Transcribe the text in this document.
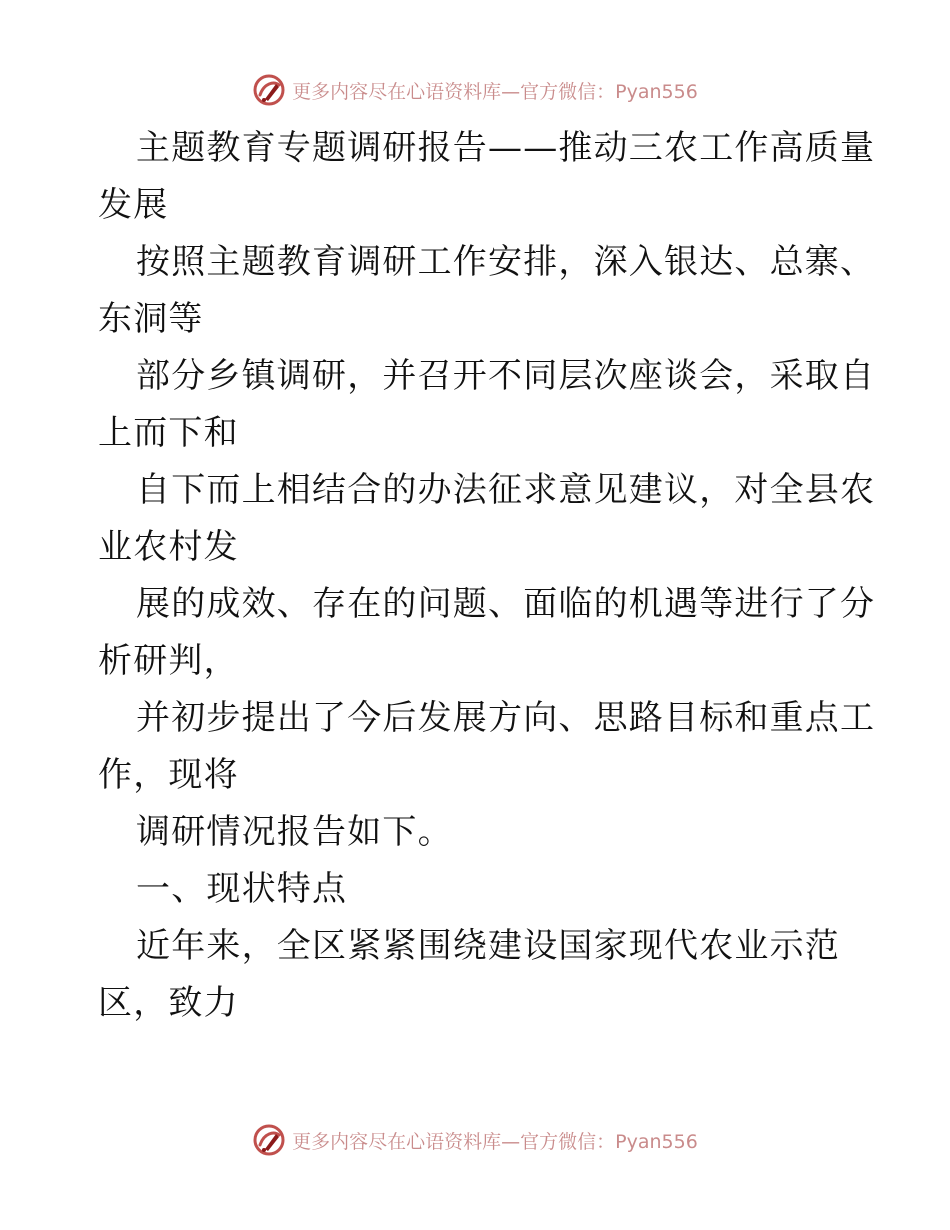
更多内容尽在心语资料库—官方微信：Pyan556
主题教育专题调研报告——推动三农工作高质量
发展
按照主题教育调研工作安排，深入银达、总寨、
东洞等
部分乡镇调研，并召开不同层次座谈会，采取自
上而下和
自下而上相结合的办法征求意见建议，对全县农
业农村发
展的成效、存在的问题、面临的机遇等进行了分
析研判，
并初步提出了今后发展方向、思路目标和重点工
作，现将
调研情况报告如下。
一、现状特点
近年来，全区紧紧围绕建设国家现代农业示范
区，致力
更多内容尽在心语资料库—官方微信：Pyan556
